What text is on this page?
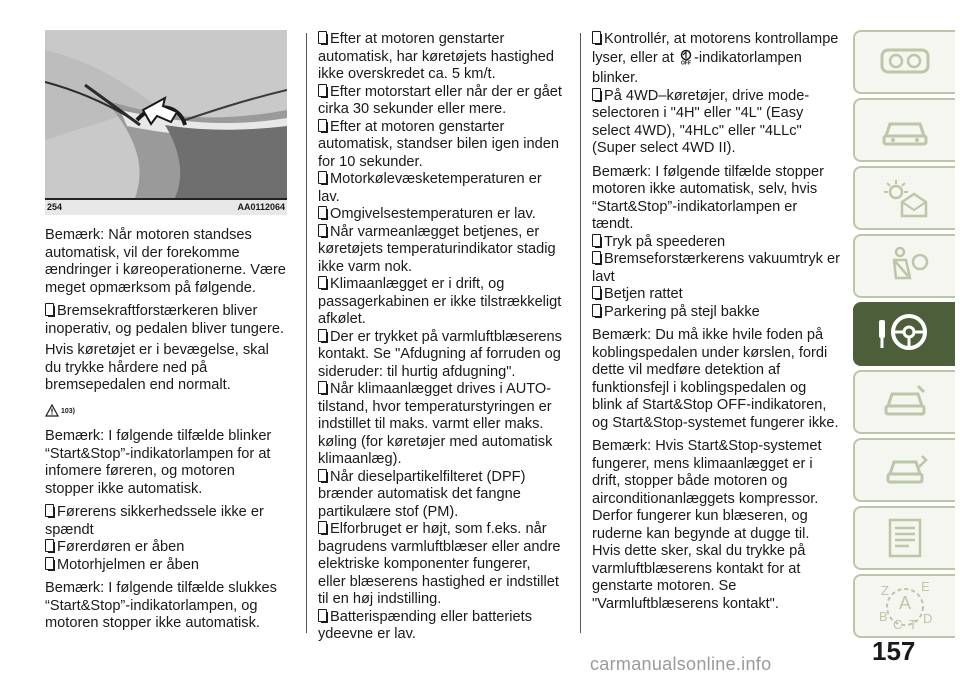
254	AA0112064

Bemærk: Når motoren standses automatisk, vil der forekomme ændringer i køreoperationerne. Være meget opmærksom på følgende.

Bremsekraftforstærkeren bliver inoperativ, og pedalen bliver tungere.

Hvis køretøjet er i bevægelse, skal du trykke hårdere ned på bremsepedalen end normalt.

103)

Bemærk: I følgende tilfælde blinker “Start&Stop”-indikatorlampen for at infomere føreren, og motoren stopper ikke automatisk.

Førerens sikkerhedssele ikke er spændt
Førerdøren er åben
Motorhjelmen er åben

Bemærk: I følgende tilfælde slukkes “Start&Stop”-indikatorlampen, og motoren stopper ikke automatisk.

Efter at motoren genstarter automatisk, har køretøjets hastighed ikke overskredet ca. 5 km/t.
Efter motorstart eller når der er gået cirka 30 sekunder eller mere.
Efter at motoren genstarter automatisk, standser bilen igen inden for 10 sekunder.
Motorkølevæsketemperaturen er lav.
Omgivelsestemperaturen er lav.
Når varmeanlægget betjenes, er køretøjets temperaturindikator stadig ikke varm nok.
Klimaanlægget er i drift, og passagerkabinen er ikke tilstrækkeligt afkølet.
Der er trykket på varmluftblæserens kontakt. Se "Afdugning af forruden og sideruder: til hurtig afdugning".
Når klimaanlægget drives i AUTO-tilstand, hvor temperaturstyringen er indstillet til maks. varmt eller maks. køling (for køretøjer med automatisk klimaanlæg).
Når dieselpartikelfilteret (DPF) brænder automatisk det fangne partikulære stof (PM).
Elforbruget er højt, som f.eks. når bagrudens varmluftblæser eller andre elektriske komponenter fungerer, eller blæserens hastighed er indstillet til en høj indstilling.
Batterispænding eller batteriets ydeevne er lav.
Kontrollér, at motorens kontrollampe lyser, eller at OFF -indikatorlampen blinker.
På 4WD–køretøjer, drive mode-selectoren i "4H" eller "4L" (Easy select 4WD), "4HLc" eller "4LLc" (Super select 4WD II).

Bemærk: I følgende tilfælde stopper motoren ikke automatisk, selv, hvis “Start&Stop”-indikatorlampen er tændt.

Tryk på speederen
Bremseforstærkerens vakuumtryk er lavt
Betjen rattet
Parkering på stejl bakke

Bemærk: Du må ikke hvile foden på koblingspedalen under kørslen, fordi dette vil medføre detektion af funktionsfejl i koblingspedalen og blink af Start&Stop OFF-indikatoren, og Start&Stop-systemet fungerer ikke.

Bemærk: Hvis Start&Stop-systemet fungerer, mens klimaanlægget er i drift, stopper både motoren og airconditionanlæggets kompressor. Derfor fungerer kun blæseren, og ruderne kan begynde at dugge til. Hvis dette sker, skal du trykke på varmluftblæserens kontakt for at genstarte motoren. Se "Varmluftblæserens kontakt".

Z E
A
B
C T D
157
carmanualsonline.info
